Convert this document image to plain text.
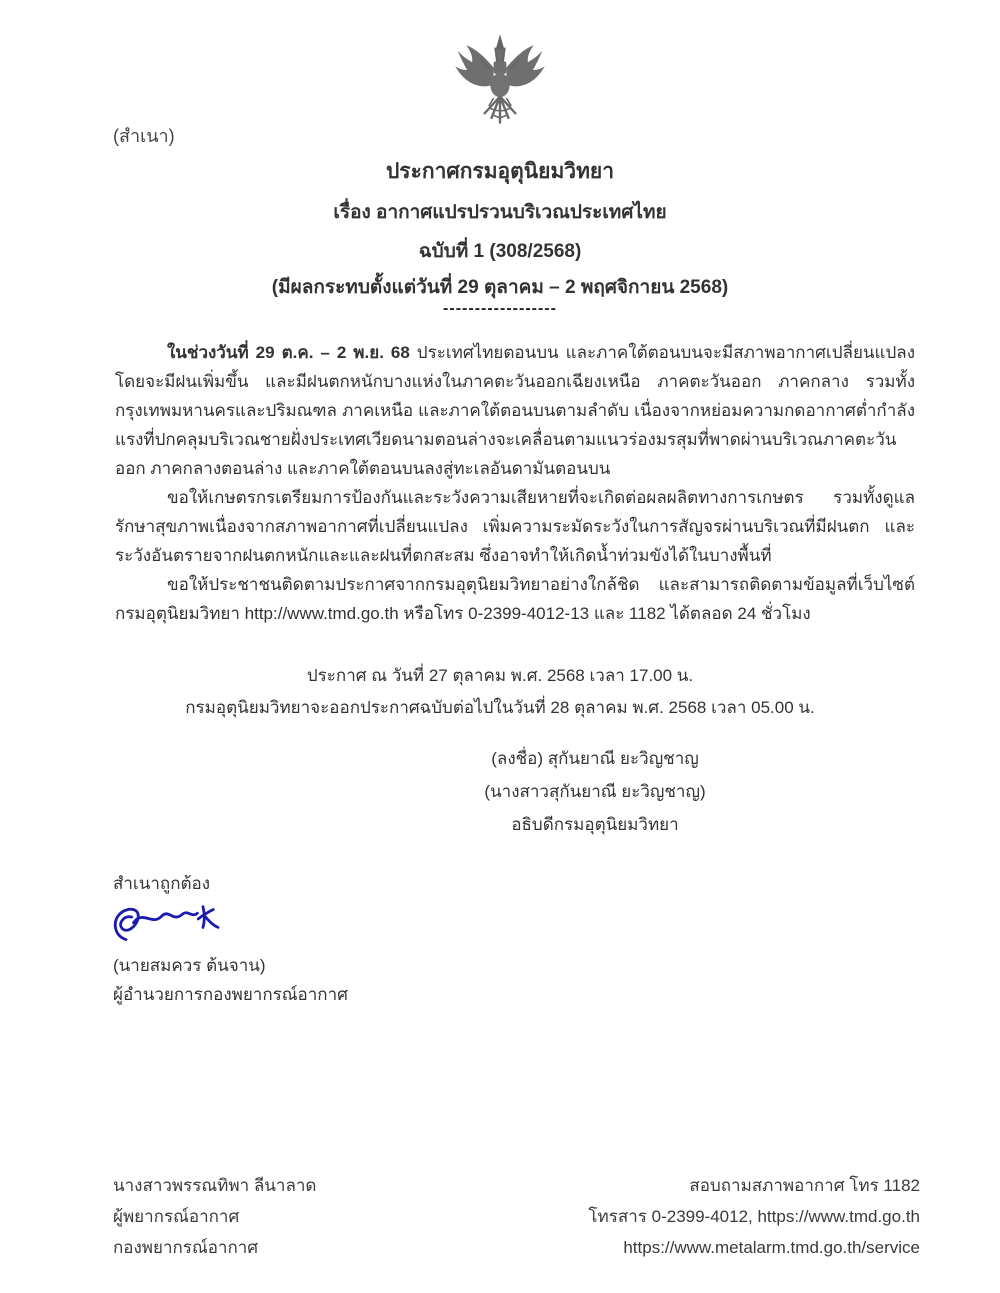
(สำเนา)
ประกาศกรมอุตุนิยมวิทยา
เรื่อง อากาศแปรปรวนบริเวณประเทศไทย
ฉบับที่ 1 (308/2568)
(มีผลกระทบตั้งแต่วันที่ 29 ตุลาคม – 2 พฤศจิกายน 2568)
------------------

ในช่วงวันที่ 29 ต.ค. – 2 พ.ย. 68 ประเทศไทยตอนบน และภาคใต้ตอนบนจะมีสภาพอากาศเปลี่ยนแปลง โดยจะมีฝนเพิ่มขึ้น และมีฝนตกหนักบางแห่งในภาคตะวันออกเฉียงเหนือ ภาคตะวันออก ภาคกลาง รวมทั้งกรุงเทพมหานครและปริมณฑล ภาคเหนือ และภาคใต้ตอนบนตามลำดับ เนื่องจากหย่อมความกดอากาศต่ำกำลังแรงที่ปกคลุมบริเวณชายฝั่งประเทศเวียดนามตอนล่างจะเคลื่อนตามแนวร่องมรสุมที่พาดผ่านบริเวณภาคตะวันออก ภาคกลางตอนล่าง และภาคใต้ตอนบนลงสู่ทะเลอันดามันตอนบน

ขอให้เกษตรกรเตรียมการป้องกันและระวังความเสียหายที่จะเกิดต่อผลผลิตทางการเกษตร รวมทั้งดูแลรักษาสุขภาพเนื่องจากสภาพอากาศที่เปลี่ยนแปลง เพิ่มความระมัดระวังในการสัญจรผ่านบริเวณที่มีฝนตก และระวังอันตรายจากฝนตกหนักและและฝนที่ตกสะสม ซึ่งอาจทำให้เกิดน้ำท่วมขังได้ในบางพื้นที่

ขอให้ประชาชนติดตามประกาศจากกรมอุตุนิยมวิทยาอย่างใกล้ชิด และสามารถติดตามข้อมูลที่เว็บไซต์กรมอุตุนิยมวิทยา http://www.tmd.go.th หรือโทร 0-2399-4012-13 และ 1182 ได้ตลอด 24 ชั่วโมง

ประกาศ ณ วันที่ 27 ตุลาคม พ.ศ. 2568 เวลา 17.00 น.
กรมอุตุนิยมวิทยาจะออกประกาศฉบับต่อไปในวันที่ 28 ตุลาคม พ.ศ. 2568 เวลา 05.00 น.
(ลงชื่อ) สุกันยาณี ยะวิญชาญ
(นางสาวสุกันยาณี ยะวิญชาญ)
อธิบดีกรมอุตุนิยมวิทยา
สำเนาถูกต้อง
(นายสมควร ต้นจาน)
ผู้อำนวยการกองพยากรณ์อากาศ
นางสาวพรรณทิพา ลีนาลาด
ผู้พยากรณ์อากาศ
กองพยากรณ์อากาศ
สอบถามสภาพอากาศ โทร 1182
โทรสาร 0-2399-4012, https://www.tmd.go.th
https://www.metalarm.tmd.go.th/service
